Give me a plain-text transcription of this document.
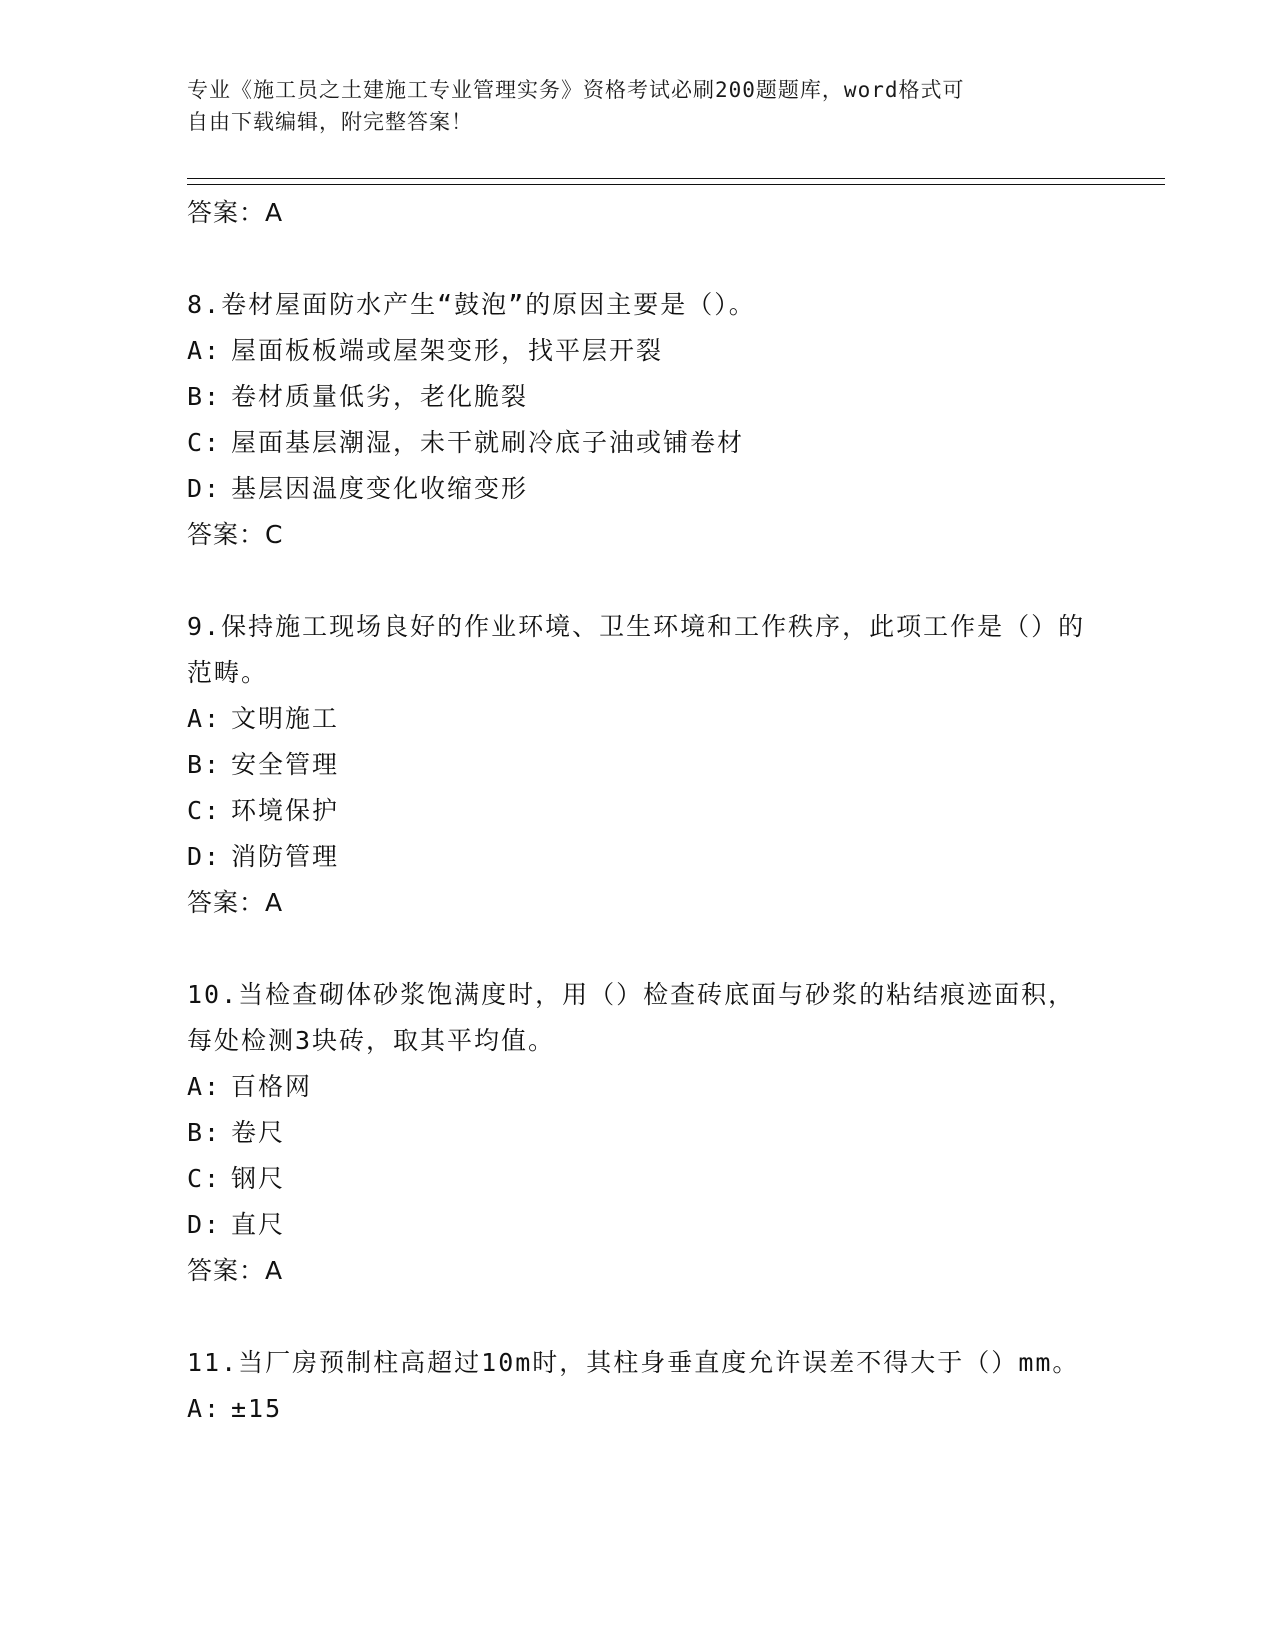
专业《施工员之土建施工专业管理实务》资格考试必刷200题题库，word格式可
自由下载编辑，附完整答案！
答案：A
8.卷材屋面防水产生“鼓泡”的原因主要是（）。
A: 屋面板板端或屋架变形，找平层开裂
B: 卷材质量低劣，老化脆裂
C: 屋面基层潮湿，未干就刷冷底子油或铺卷材
D: 基层因温度变化收缩变形
答案：C
9.保持施工现场良好的作业环境、卫生环境和工作秩序，此项工作是（）的范畴。
A: 文明施工
B: 安全管理
C: 环境保护
D: 消防管理
答案：A
10.当检查砌体砂浆饱满度时，用（）检查砖底面与砂浆的粘结痕迹面积，每处检测3块砖，取其平均值。
A: 百格网
B: 卷尺
C: 钢尺
D: 直尺
答案：A
11.当厂房预制柱高超过10m时，其柱身垂直度允许误差不得大于（）mm。
A: ±15
